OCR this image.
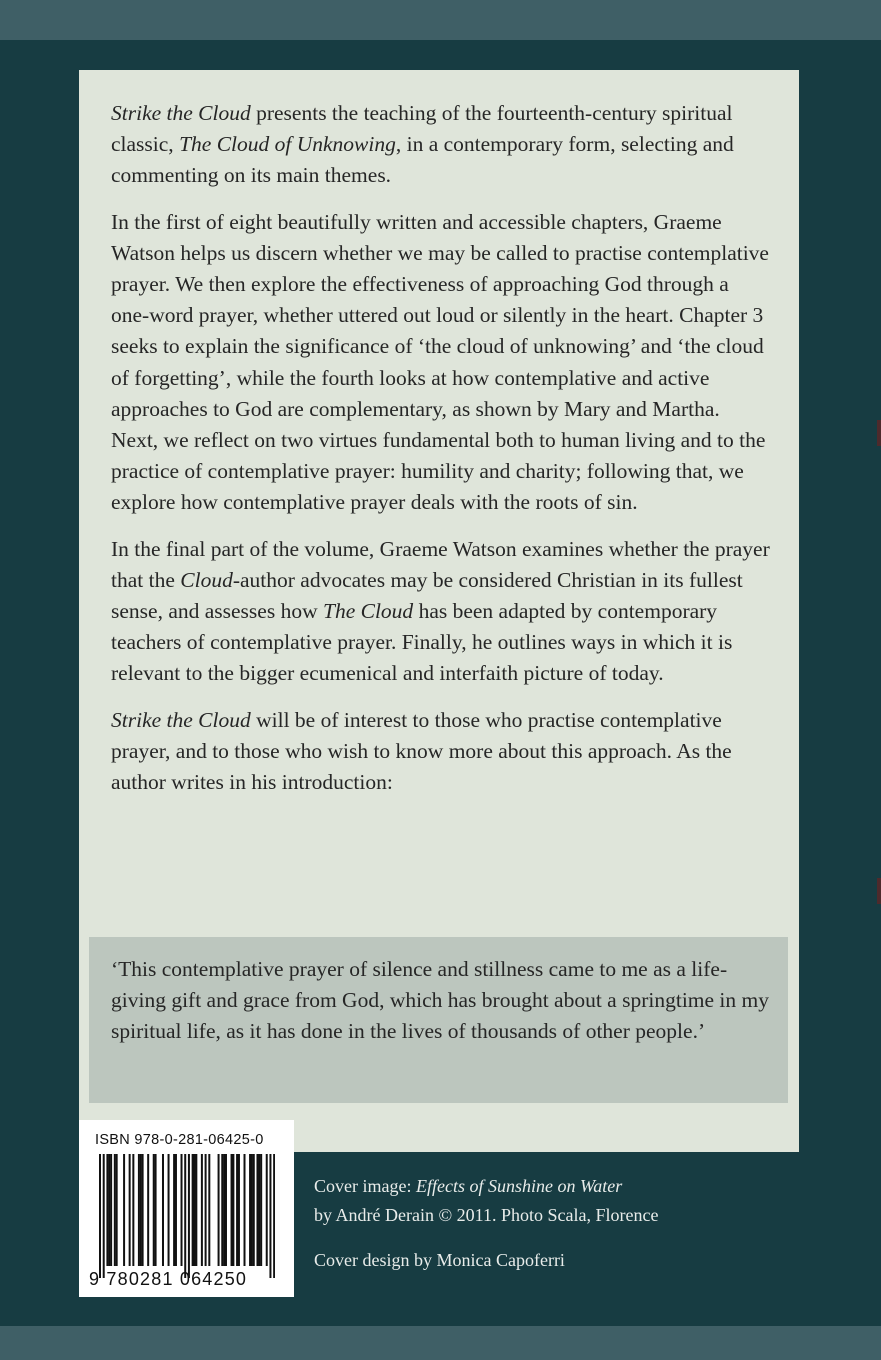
Strike the Cloud presents the teaching of the fourteenth-century spiritual classic, The Cloud of Unknowing, in a contemporary form, selecting and commenting on its main themes.

In the first of eight beautifully written and accessible chapters, Graeme Watson helps us discern whether we may be called to practise contemplative prayer. We then explore the effectiveness of approaching God through a one-word prayer, whether uttered out loud or silently in the heart. Chapter 3 seeks to explain the significance of ‘the cloud of unknowing’ and ‘the cloud of forgetting’, while the fourth looks at how contemplative and active approaches to God are complementary, as shown by Mary and Martha. Next, we reflect on two virtues fundamental both to human living and to the practice of contemplative prayer: humility and charity; following that, we explore how contemplative prayer deals with the roots of sin.

In the final part of the volume, Graeme Watson examines whether the prayer that the Cloud-author advocates may be considered Christian in its fullest sense, and assesses how The Cloud has been adapted by contemporary teachers of contemplative prayer. Finally, he outlines ways in which it is relevant to the bigger ecumenical and interfaith picture of today.

Strike the Cloud will be of interest to those who practise contemplative prayer, and to those who wish to know more about this approach. As the author writes in his introduction:

‘This contemplative prayer of silence and stillness came to me as a life-giving gift and grace from God, which has brought about a springtime in my spiritual life, as it has done in the lives of thousands of other people.’

ISBN 978-0-281-06425-0
9 780281 064250
Cover image: Effects of Sunshine on Water
by André Derain © 2011. Photo Scala, Florence
Cover design by Monica Capoferri
